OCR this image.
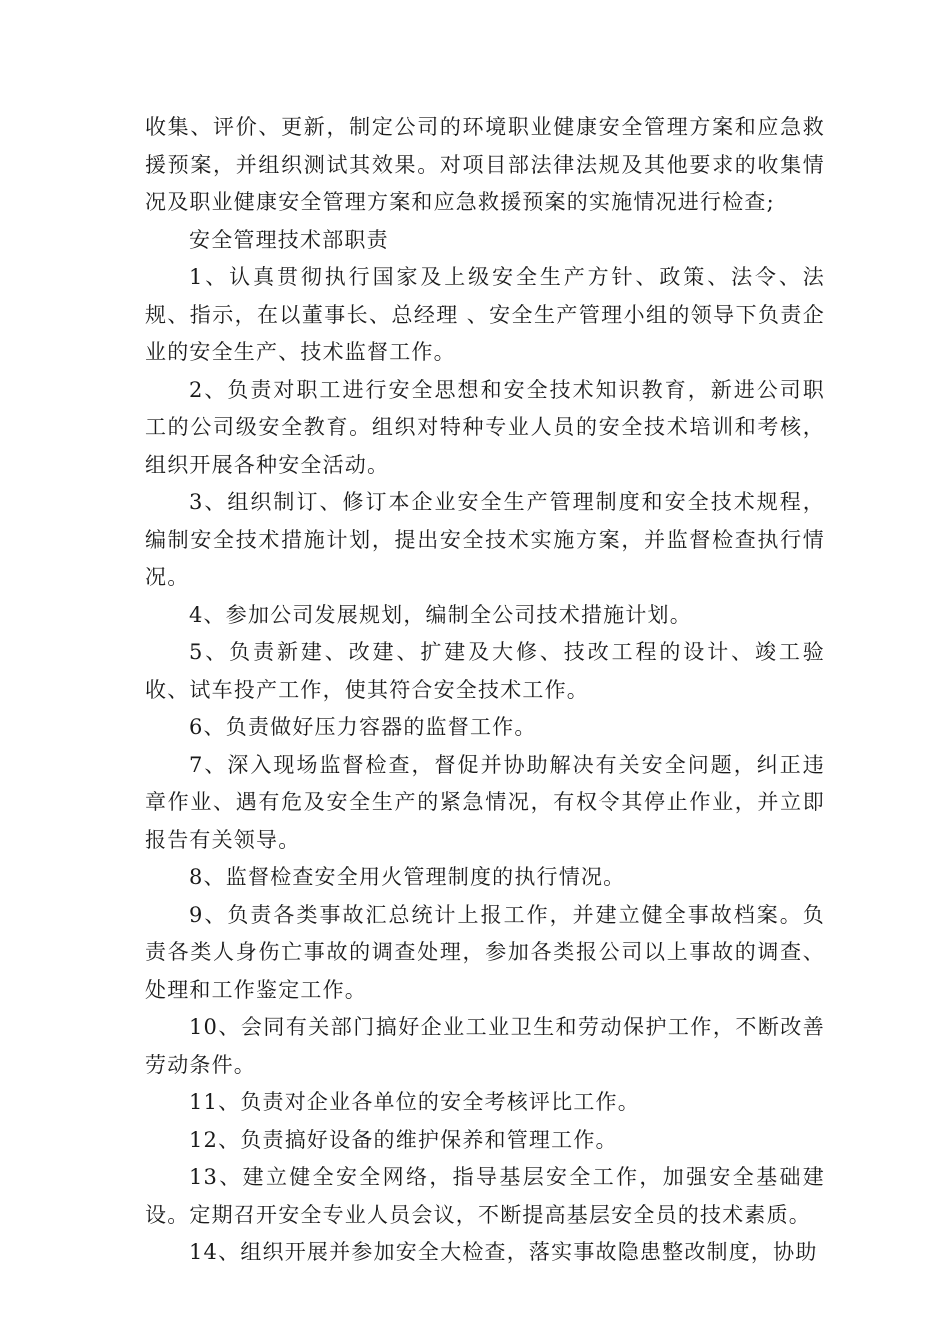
收集、评价、更新，制定公司的环境职业健康安全管理方案和应急救援预案，并组织测试其效果。对项目部法律法规及其他要求的收集情况及职业健康安全管理方案和应急救援预案的实施情况进行检查;

安全管理技术部职责

1、认真贯彻执行国家及上级安全生产方针、政策、法令、法规、指示，在以董事长、总经理 、安全生产管理小组的领导下负责企业的安全生产、技术监督工作。

2、负责对职工进行安全思想和安全技术知识教育，新进公司职工的公司级安全教育。组织对特种专业人员的安全技术培训和考核，组织开展各种安全活动。

3、组织制订、修订本企业安全生产管理制度和安全技术规程，编制安全技术措施计划，提出安全技术实施方案，并监督检查执行情况。

4、参加公司发展规划，编制全公司技术措施计划。

5、负责新建、改建、扩建及大修、技改工程的设计、竣工验收、试车投产工作，使其符合安全技术工作。

6、负责做好压力容器的监督工作。

7、深入现场监督检查，督促并协助解决有关安全问题，纠正违章作业、遇有危及安全生产的紧急情况，有权令其停止作业，并立即报告有关领导。

8、监督检查安全用火管理制度的执行情况。

9、负责各类事故汇总统计上报工作，并建立健全事故档案。负责各类人身伤亡事故的调查处理，参加各类报公司以上事故的调查、处理和工作鉴定工作。

10、会同有关部门搞好企业工业卫生和劳动保护工作，不断改善劳动条件。

11、负责对企业各单位的安全考核评比工作。

12、负责搞好设备的维护保养和管理工作。

13、建立健全安全网络，指导基层安全工作，加强安全基础建设。定期召开安全专业人员会议，不断提高基层安全员的技术素质。

14、组织开展并参加安全大检查，落实事故隐患整改制度，协助
